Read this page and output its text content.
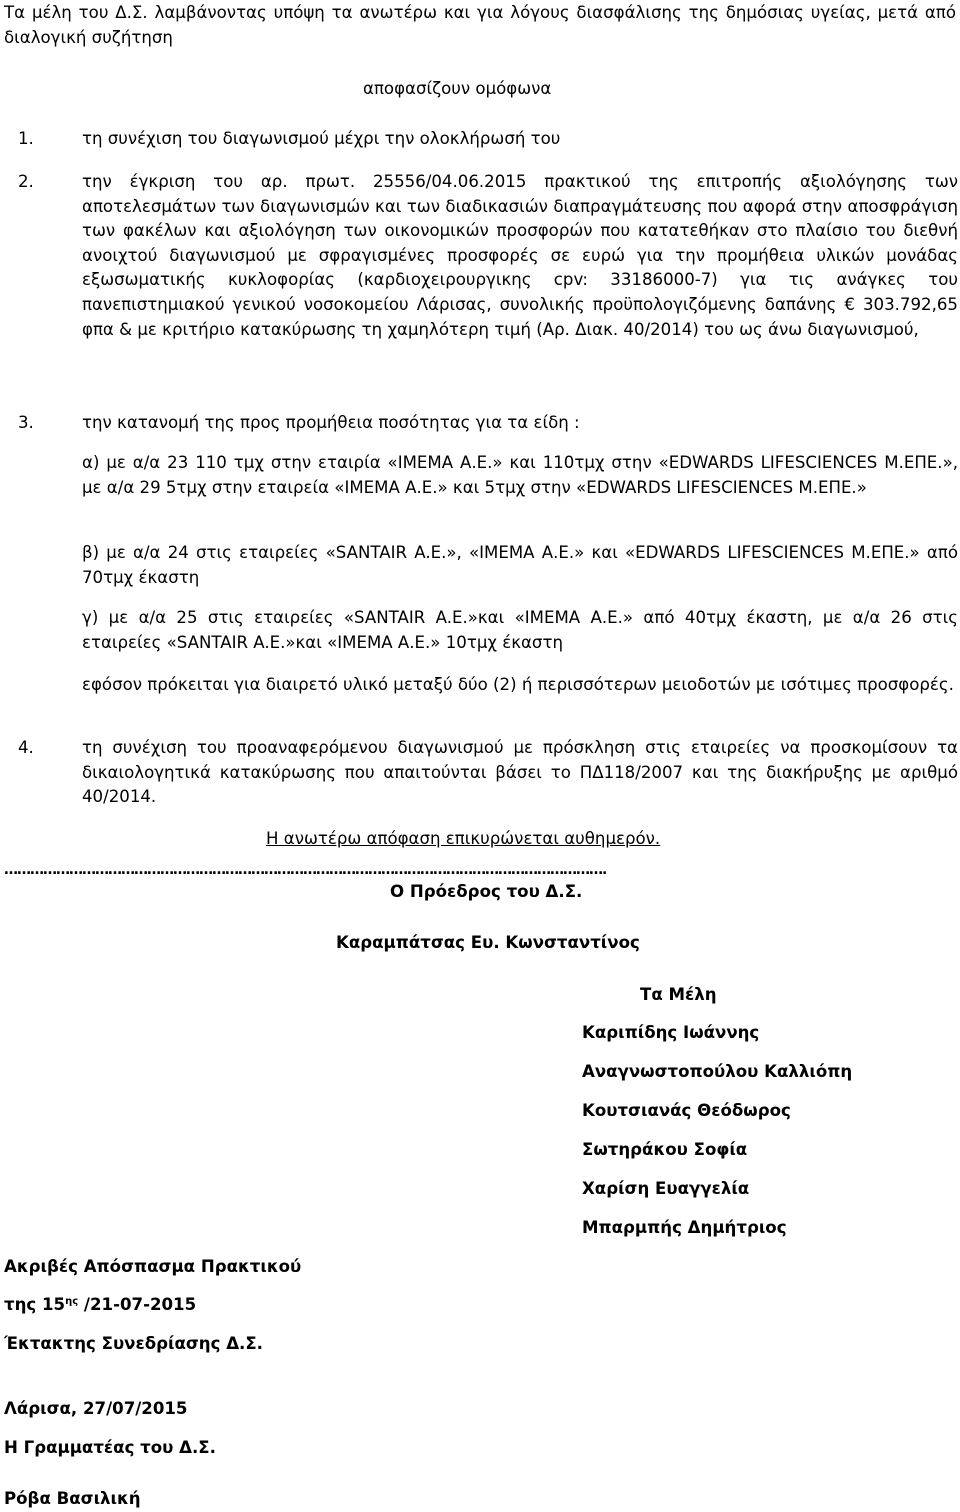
Τα μέλη του Δ.Σ. λαμβάνοντας υπόψη τα ανωτέρω και για λόγους διασφάλισης της δημόσιας υγείας, μετά από διαλογική συζήτηση

αποφασίζουν ομόφωνα

1.	τη συνέχιση του διαγωνισμού μέχρι την ολοκλήρωσή του
2.	την έγκριση του αρ. πρωτ. 25556/04.06.2015 πρακτικού της επιτροπής αξιολόγησης των αποτελεσμάτων των διαγωνισμών και των διαδικασιών διαπραγμάτευσης που αφορά στην αποσφράγιση των φακέλων και αξιολόγηση των οικονομικών προσφορών που κατατεθήκαν στο πλαίσιο του διεθνή ανοιχτού διαγωνισμού με σφραγισμένες προσφορές σε ευρώ για την προμήθεια υλικών μονάδας εξωσωματικής κυκλοφορίας (καρδιοχειρουργικης cpv: 33186000-7) για τις ανάγκες του πανεπιστημιακού γενικού νοσοκομείου Λάρισας, συνολικής προϋπολογιζόμενης δαπάνης € 303.792,65 φπα & με κριτήριο κατακύρωσης τη χαμηλότερη τιμή (Αρ. Διακ. 40/2014) του ως άνω διαγωνισμού,
3.	την κατανομή της προς προμήθεια ποσότητας για τα είδη :

α) με α/α 23 110 τμχ στην εταιρία «ΙΜΕΜΑ Α.Ε.» και 110τμχ στην «EDWARDS LIFESCIENCES Μ.ΕΠΕ.», με α/α 29 5τμχ στην εταιρεία «ΙΜΕΜΑ Α.Ε.» και 5τμχ στην «EDWARDS LIFESCIENCES Μ.ΕΠΕ.»

β) με α/α 24 στις εταιρείες «SANTAIR A.E.», «ΙΜΕΜΑ Α.Ε.» και «EDWARDS LIFESCIENCES Μ.ΕΠΕ.» από 70τμχ έκαστη

γ) με α/α 25 στις εταιρείες «SANTAIR A.E.»και «ΙΜΕΜΑ Α.Ε.» από 40τμχ έκαστη, με α/α 26 στις εταιρείες «SANTAIR A.E.»και «ΙΜΕΜΑ Α.Ε.» 10τμχ έκαστη

εφόσον πρόκειται για διαιρετό υλικό μεταξύ δύο (2) ή περισσότερων μειοδοτών με ισότιμες προσφορές.

4.	τη συνέχιση του προαναφερόμενου διαγωνισμού με πρόσκληση στις εταιρείες να προσκομίσουν τα δικαιολογητικά κατακύρωσης που απαιτούνται βάσει το ΠΔ118/2007 και της διακήρυξης με αριθμό 40/2014.

Η ανωτέρω απόφαση επικυρώνεται αυθημερόν.

………………………………………………………………………………………………………………………….

Ο Πρόεδρος του Δ.Σ.

Καραμπάτσας Ευ. Κωνσταντίνος

Τα Μέλη

Καριπίδης Ιωάννης

Αναγνωστοπούλου Καλλιόπη

Κουτσιανάς Θεόδωρος

Σωτηράκου Σοφία

Χαρίση Ευαγγελία

Μπαρμπής Δημήτριος

Ακριβές Απόσπασμα Πρακτικού

της $15^{\eta\varsigma}$ /21-07-2015

Έκτακτης Συνεδρίασης Δ.Σ.

Λάρισα, 27/07/2015

Η Γραμματέας του Δ.Σ.

Ρόβα Βασιλική
